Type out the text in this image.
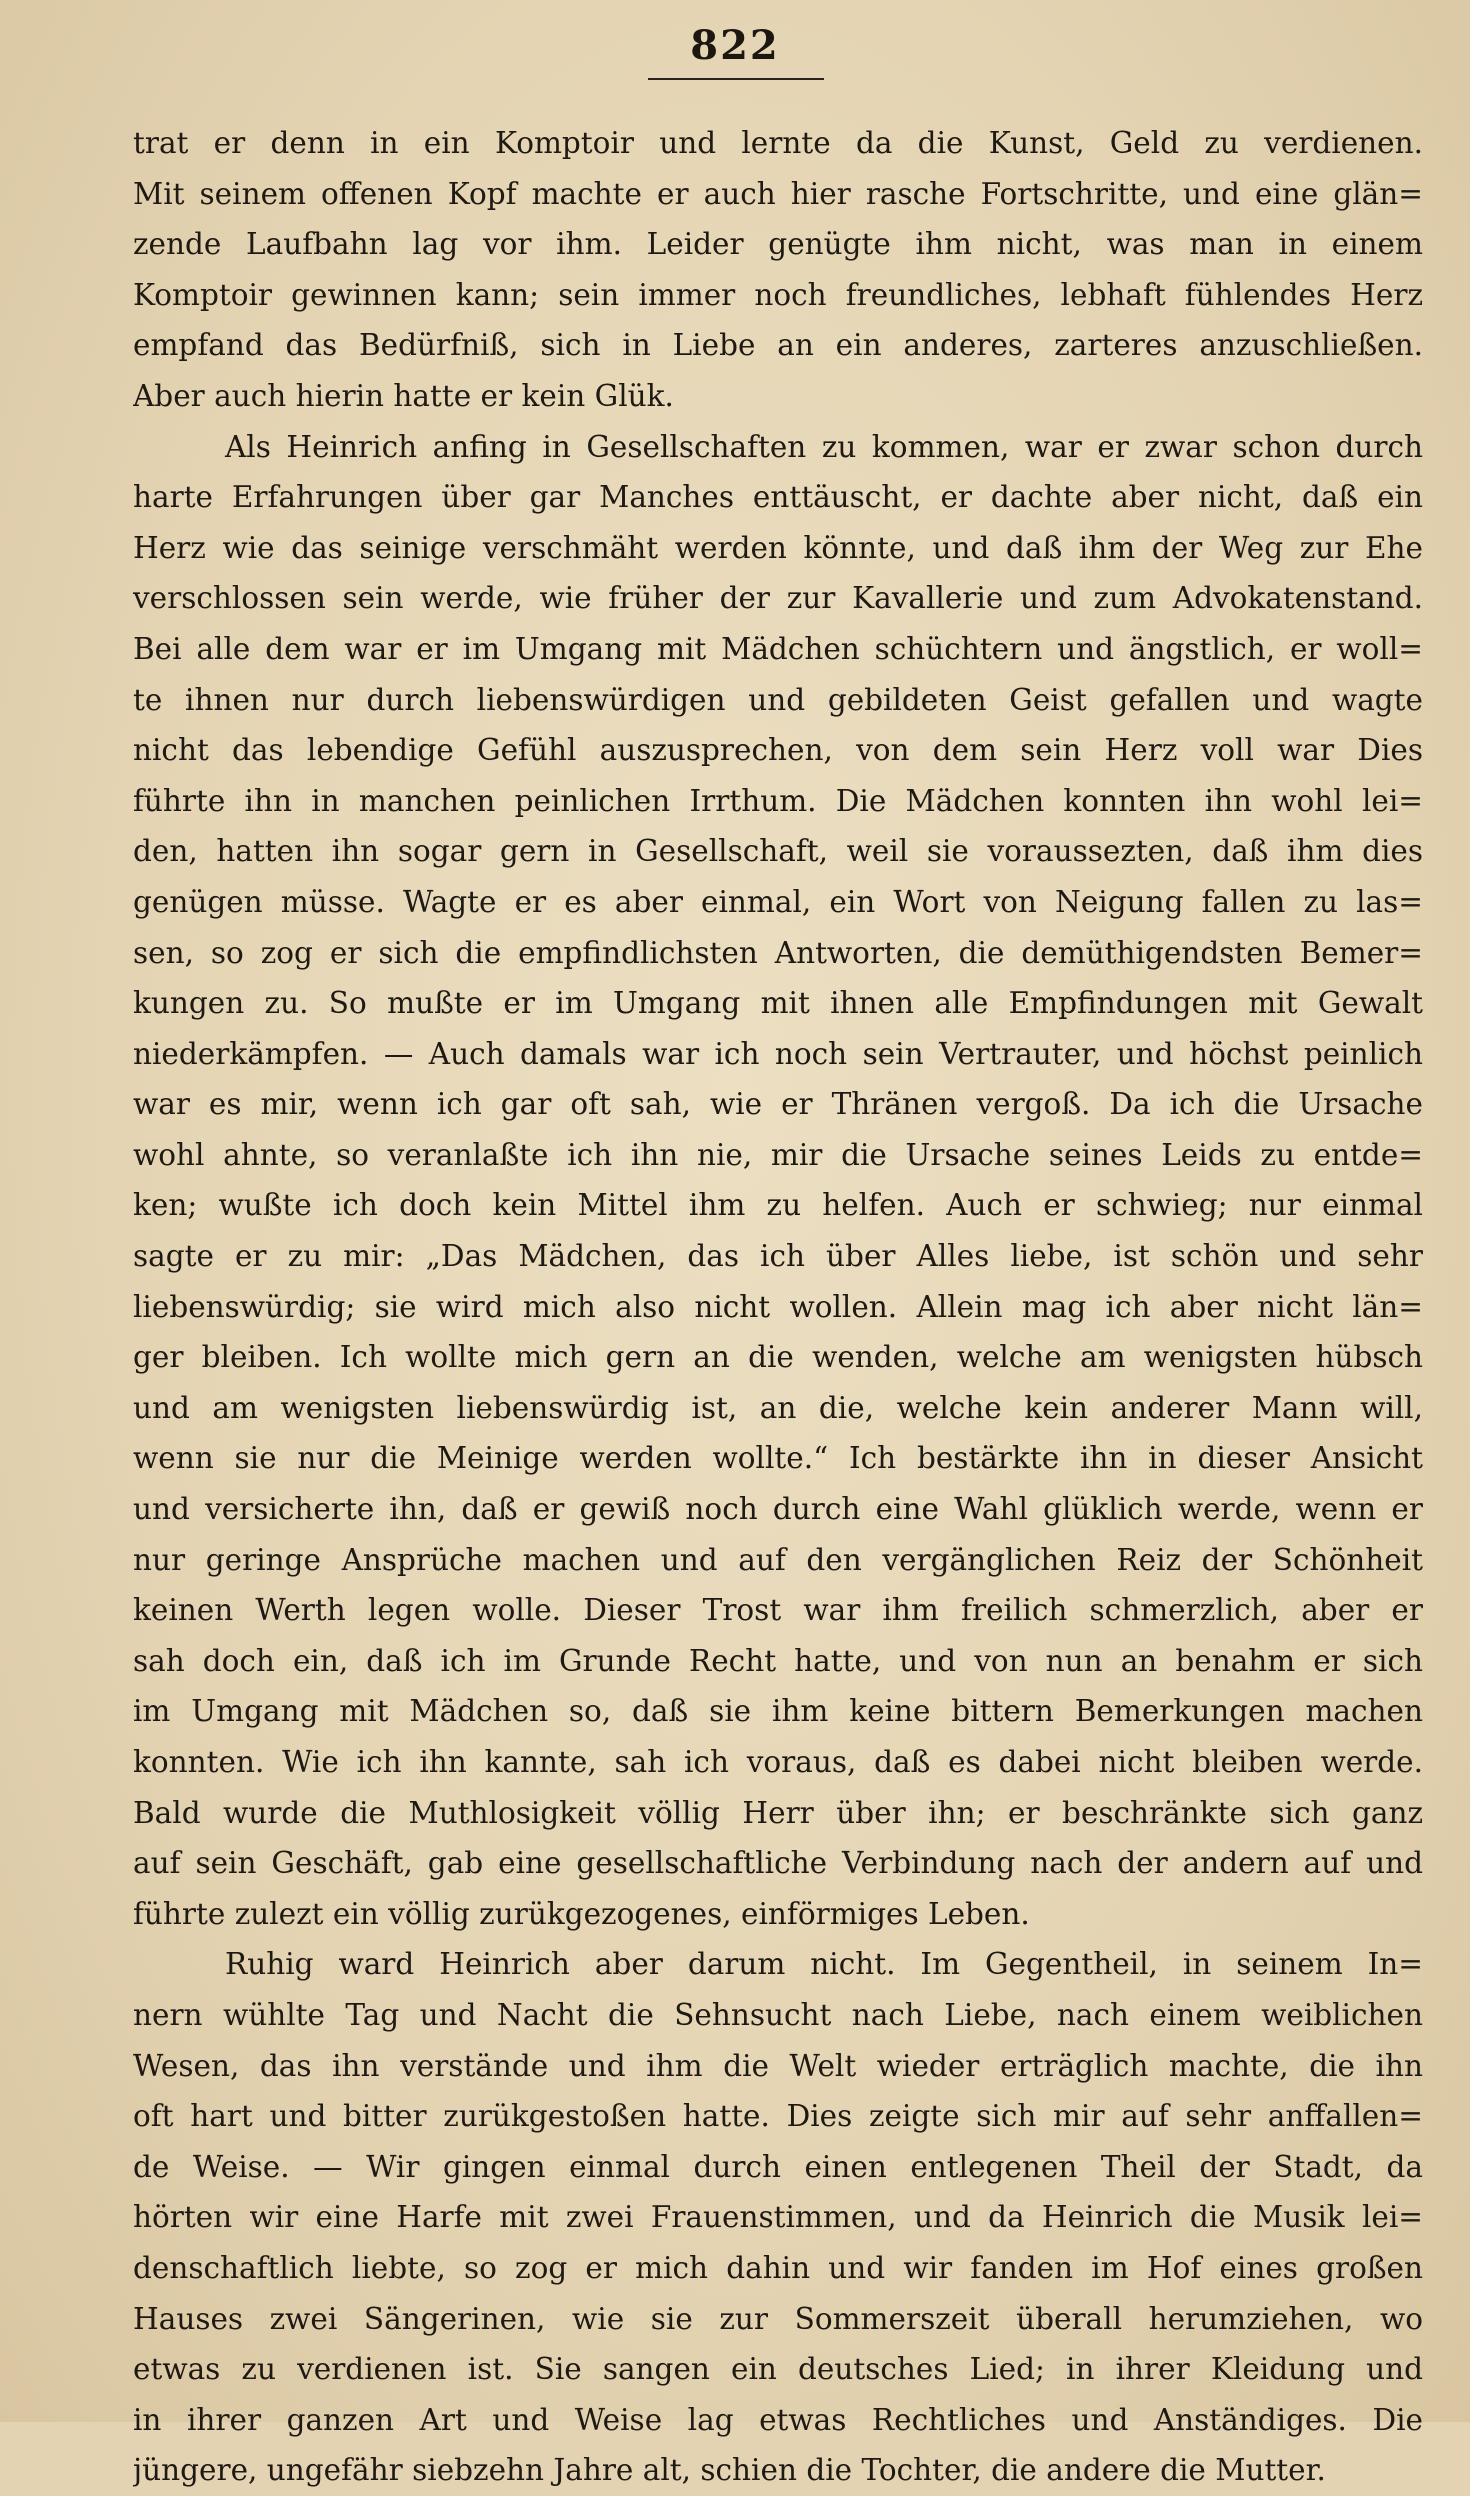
822
trat er denn in ein Komptoir und lernte da die Kunst, Geld zu verdienen.
Mit seinem offenen Kopf machte er auch hier rasche Fortschritte, und eine glän=
zende Laufbahn lag vor ihm. Leider genügte ihm nicht, was man in einem
Komptoir gewinnen kann; sein immer noch freundliches, lebhaft fühlendes Herz
empfand das Bedürfniß, sich in Liebe an ein anderes, zarteres anzuschließen.
Aber auch hierin hatte er kein Glük.
Als Heinrich anfing in Gesellschaften zu kommen, war er zwar schon durch
harte Erfahrungen über gar Manches enttäuscht, er dachte aber nicht, daß ein
Herz wie das seinige verschmäht werden könnte, und daß ihm der Weg zur Ehe
verschlossen sein werde, wie früher der zur Kavallerie und zum Advokatenstand.
Bei alle dem war er im Umgang mit Mädchen schüchtern und ängstlich, er woll=
te ihnen nur durch liebenswürdigen und gebildeten Geist gefallen und wagte
nicht das lebendige Gefühl auszusprechen, von dem sein Herz voll war Dies
führte ihn in manchen peinlichen Irrthum. Die Mädchen konnten ihn wohl lei=
den, hatten ihn sogar gern in Gesellschaft, weil sie voraussezten, daß ihm dies
genügen müsse. Wagte er es aber einmal, ein Wort von Neigung fallen zu las=
sen, so zog er sich die empfindlichsten Antworten, die demüthigendsten Bemer=
kungen zu. So mußte er im Umgang mit ihnen alle Empfindungen mit Gewalt
niederkämpfen. — Auch damals war ich noch sein Vertrauter, und höchst peinlich
war es mir, wenn ich gar oft sah, wie er Thränen vergoß. Da ich die Ursache
wohl ahnte, so veranlaßte ich ihn nie, mir die Ursache seines Leids zu entde=
ken; wußte ich doch kein Mittel ihm zu helfen. Auch er schwieg; nur einmal
sagte er zu mir: „Das Mädchen, das ich über Alles liebe, ist schön und sehr
liebenswürdig; sie wird mich also nicht wollen. Allein mag ich aber nicht län=
ger bleiben. Ich wollte mich gern an die wenden, welche am wenigsten hübsch
und am wenigsten liebenswürdig ist, an die, welche kein anderer Mann will,
wenn sie nur die Meinige werden wollte.“ Ich bestärkte ihn in dieser Ansicht
und versicherte ihn, daß er gewiß noch durch eine Wahl glüklich werde, wenn er
nur geringe Ansprüche machen und auf den vergänglichen Reiz der Schönheit
keinen Werth legen wolle. Dieser Trost war ihm freilich schmerzlich, aber er
sah doch ein, daß ich im Grunde Recht hatte, und von nun an benahm er sich
im Umgang mit Mädchen so, daß sie ihm keine bittern Bemerkungen machen
konnten. Wie ich ihn kannte, sah ich voraus, daß es dabei nicht bleiben werde.
Bald wurde die Muthlosigkeit völlig Herr über ihn; er beschränkte sich ganz
auf sein Geschäft, gab eine gesellschaftliche Verbindung nach der andern auf und
führte zulezt ein völlig zurükgezogenes, einförmiges Leben.
Ruhig ward Heinrich aber darum nicht. Im Gegentheil, in seinem In=
nern wühlte Tag und Nacht die Sehnsucht nach Liebe, nach einem weiblichen
Wesen, das ihn verstände und ihm die Welt wieder erträglich machte, die ihn
oft hart und bitter zurükgestoßen hatte. Dies zeigte sich mir auf sehr anffallen=
de Weise. — Wir gingen einmal durch einen entlegenen Theil der Stadt, da
hörten wir eine Harfe mit zwei Frauenstimmen, und da Heinrich die Musik lei=
denschaftlich liebte, so zog er mich dahin und wir fanden im Hof eines großen
Hauses zwei Sängerinen, wie sie zur Sommerszeit überall herumziehen, wo
etwas zu verdienen ist. Sie sangen ein deutsches Lied; in ihrer Kleidung und
in ihrer ganzen Art und Weise lag etwas Rechtliches und Anständiges. Die
jüngere, ungefähr siebzehn Jahre alt, schien die Tochter, die andere die Mutter.
